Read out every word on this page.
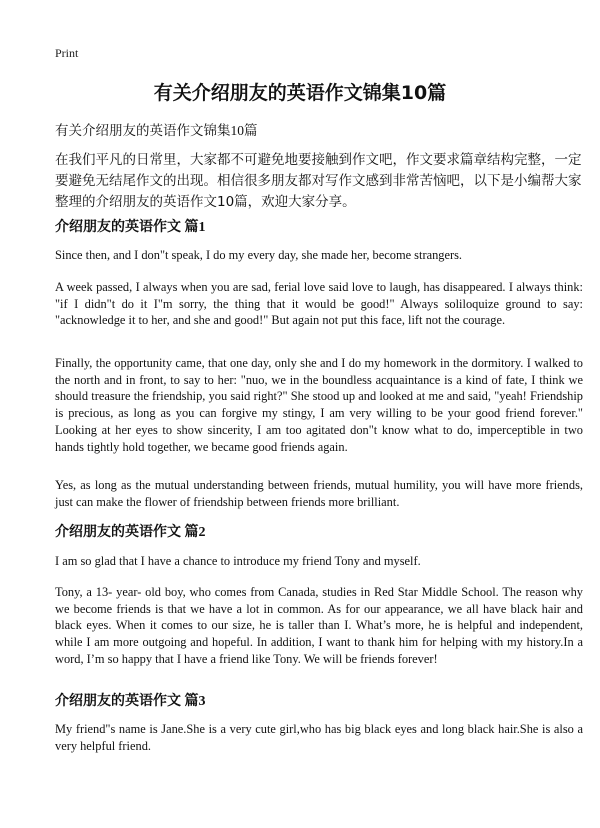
Print
有关介绍朋友的英语作文锦集10篇

有关介绍朋友的英语作文锦集10篇

在我们平凡的日常里，大家都不可避免地要接触到作文吧，作文要求篇章结构完整，一定要避免无结尾作文的出现。相信很多朋友都对写作文感到非常苦恼吧，以下是小编帮大家整理的介绍朋友的英语作文10篇，欢迎大家分享。

介绍朋友的英语作文 篇1

Since then, and I don"t speak, I do my every day, she made her, become strangers.

A week passed, I always when you are sad, ferial love said love to laugh, has disappeared. I always think: "if I didn"t do it I"m sorry, the thing that it would be good!" Always soliloquize ground to say: "acknowledge it to her, and she and good!" But again not put this face, lift not the courage.

Finally, the opportunity came, that one day, only she and I do my homework in the dormitory. I walked to the north and in front, to say to her: "nuo, we in the boundless acquaintance is a kind of fate, I think we should treasure the friendship, you said right?" She stood up and looked at me and said, "yeah! Friendship is precious, as long as you can forgive my stingy, I am very willing to be your good friend forever." Looking at her eyes to show sincerity, I am too agitated don"t know what to do, imperceptible in two hands tightly hold together, we became good friends again.

Yes, as long as the mutual understanding between friends, mutual humility, you will have more friends, just can make the flower of friendship between friends more brilliant.

介绍朋友的英语作文 篇2

I am so glad that I have a chance to introduce my friend Tony and myself.

Tony, a 13- year- old boy, who comes from Canada, studies in Red Star Middle School. The reason why we become friends is that we have a lot in common. As for our appearance, we all have black hair and black eyes. When it comes to our size, he is taller than I. What’s more, he is helpful and independent, while I am more outgoing and hopeful. In addition, I want to thank him for helping with my history.In a word, I’m so happy that I have a friend like Tony. We will be friends forever!

介绍朋友的英语作文 篇3

My friend"s name is Jane.She is a very cute girl,who has big black eyes and long black hair.She is also a very helpful friend.
